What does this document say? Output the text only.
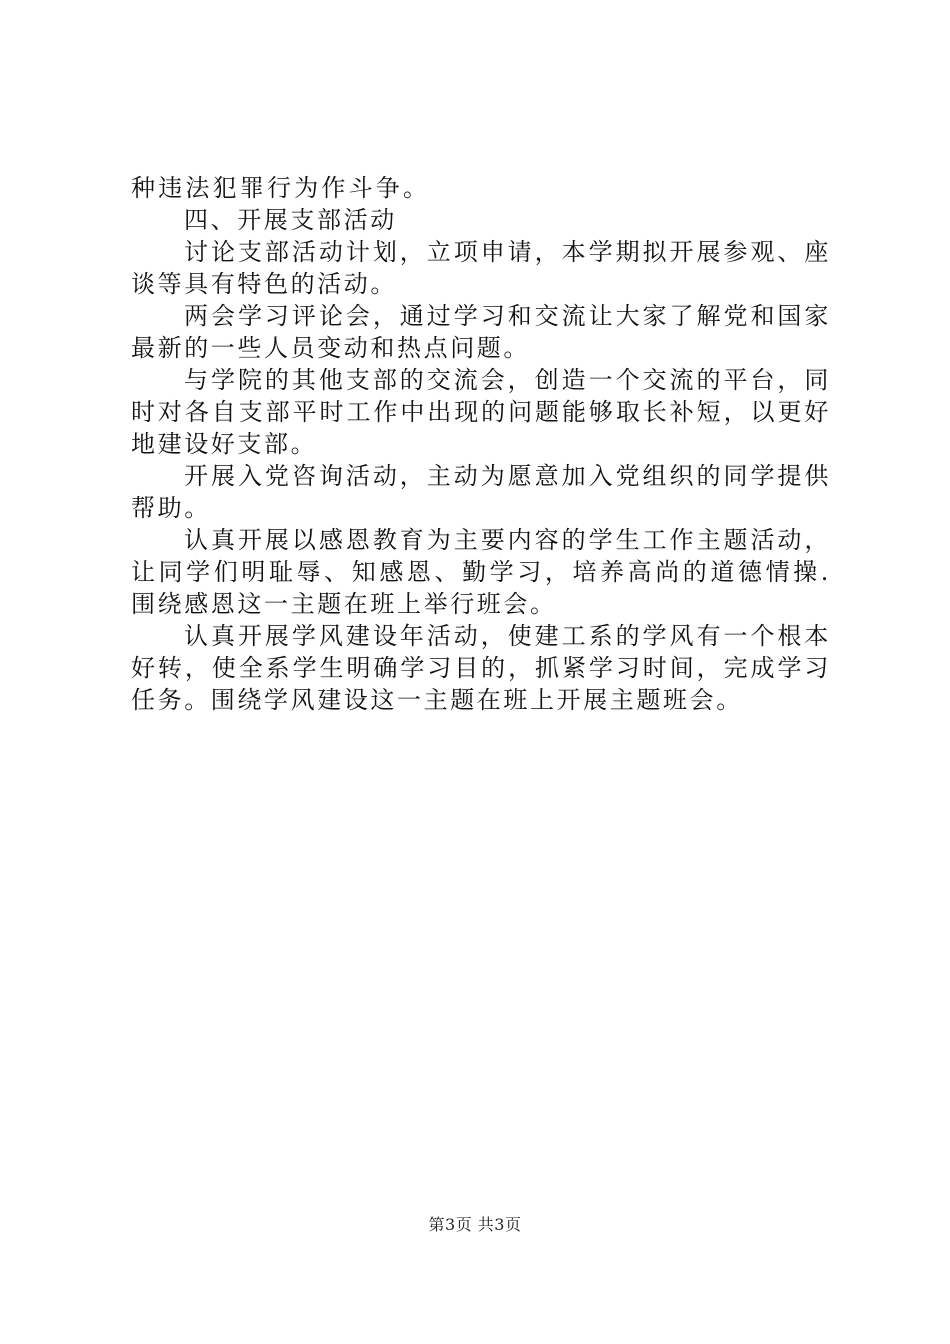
种违法犯罪行为作斗争。

四、开展支部活动

讨论支部活动计划，立项申请，本学期拟开展参观、座谈等具有特色的活动。

两会学习评论会，通过学习和交流让大家了解党和国家最新的一些人员变动和热点问题。

与学院的其他支部的交流会，创造一个交流的平台，同时对各自支部平时工作中出现的问题能够取长补短，以更好地建设好支部。

开展入党咨询活动，主动为愿意加入党组织的同学提供帮助。

认真开展以感恩教育为主要内容的学生工作主题活动，让同学们明耻辱、知感恩、勤学习，培养高尚的道德情操.围绕感恩这一主题在班上举行班会。

认真开展学风建设年活动，使建工系的学风有一个根本好转，使全系学生明确学习目的，抓紧学习时间，完成学习任务。围绕学风建设这一主题在班上开展主题班会。

第3页 共3页
